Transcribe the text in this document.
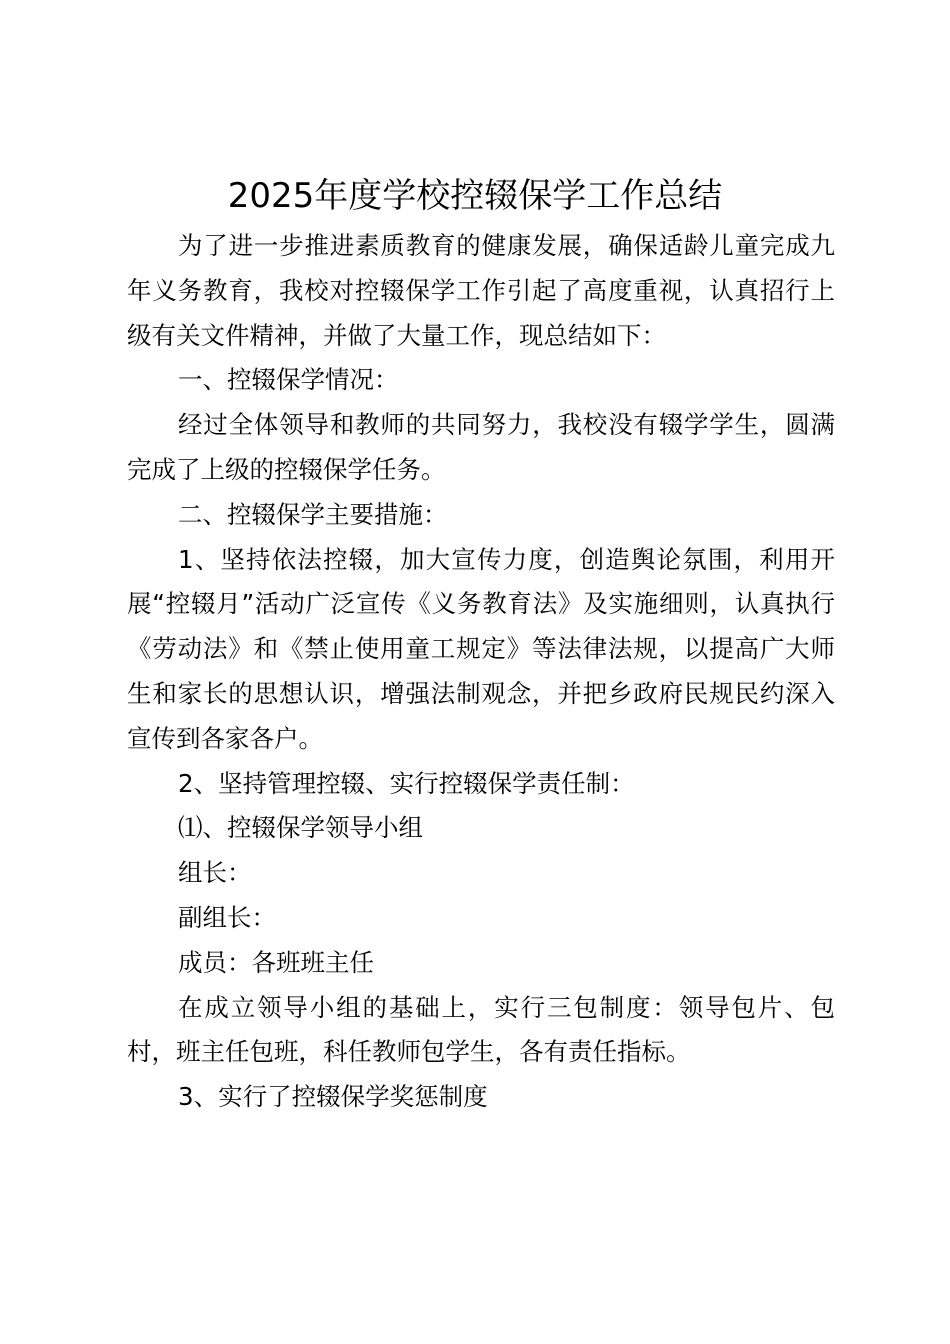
2025年度学校控辍保学工作总结

为了进一步推进素质教育的健康发展，确保适龄儿童完成九年义务教育，我校对控辍保学工作引起了高度重视，认真招行上级有关文件精神，并做了大量工作，现总结如下：

一、控辍保学情况：

经过全体领导和教师的共同努力，我校没有辍学学生，圆满完成了上级的控辍保学任务。

二、控辍保学主要措施：

1、坚持依法控辍，加大宣传力度，创造舆论氛围，利用开展“控辍月”活动广泛宣传《义务教育法》及实施细则，认真执行《劳动法》和《禁止使用童工规定》等法律法规，以提高广大师生和家长的思想认识，增强法制观念，并把乡政府民规民约深入宣传到各家各户。

2、坚持管理控辍、实行控辍保学责任制：

⑴、控辍保学领导小组

组长：

副组长：

成员：各班班主任

在成立领导小组的基础上，实行三包制度：领导包片、包村，班主任包班，科任教师包学生，各有责任指标。

3、实行了控辍保学奖惩制度
